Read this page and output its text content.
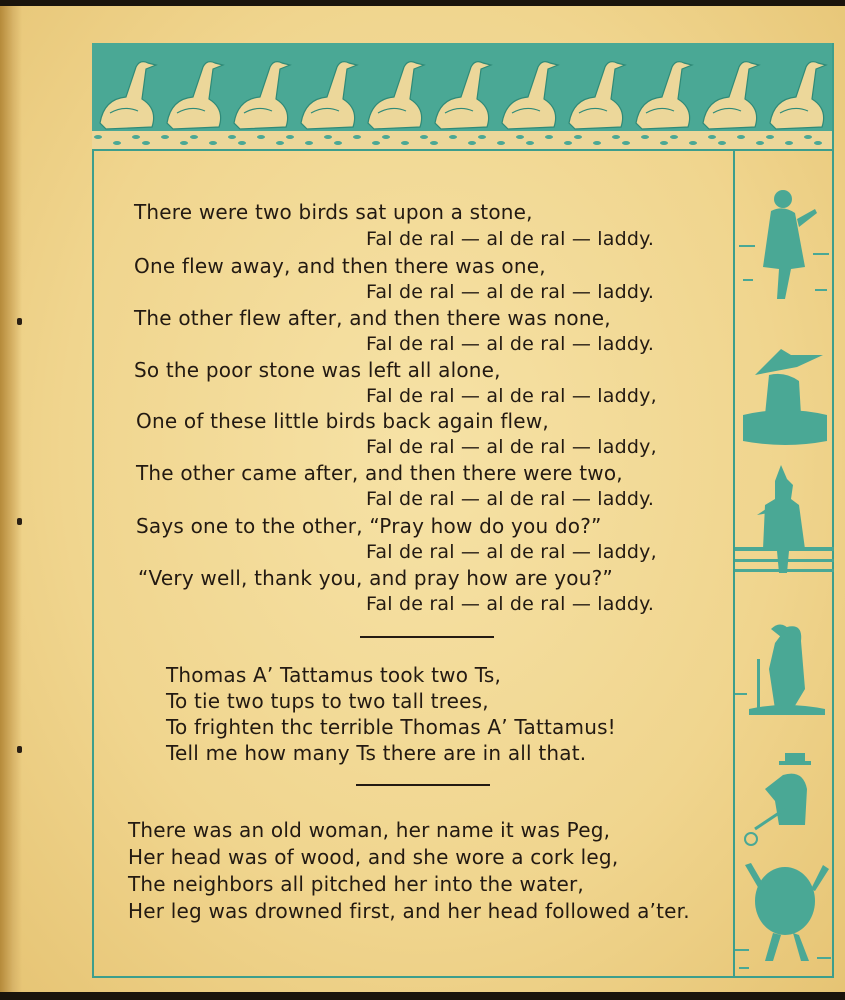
There were two birds sat upon a stone,
Fal de ral — al de ral — laddy.
One flew away, and then there was one,
Fal de ral — al de ral — laddy.
The other flew after, and then there was none,
Fal de ral — al de ral — laddy.
So the poor stone was left all alone,
Fal de ral — al de ral — laddy,
One of these little birds back again flew,
Fal de ral — al de ral — laddy,
The other came after, and then there were two,
Fal de ral — al de ral — laddy.
Says one to the other, “Pray how do you do?”
Fal de ral — al de ral — laddy,
“Very well, thank you, and pray how are you?”
Fal de ral — al de ral — laddy.
Thomas A’ Tattamus took two Ts,
To tie two tups to two tall trees,
To frighten thc terrible Thomas A’ Tattamus!
Tell me how many Ts there are in all that.
There was an old woman, her name it was Peg,
Her head was of wood, and she wore a cork leg,
The neighbors all pitched her into the water,
Her leg was drowned first, and her head followed a’ter.
